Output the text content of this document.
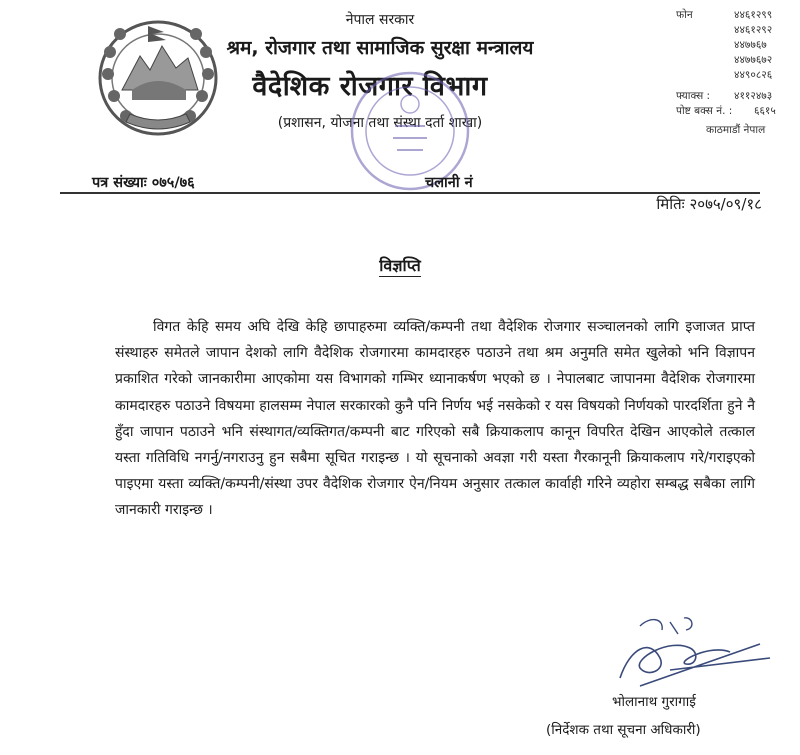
नेपाल सरकार
श्रम, रोजगार तथा सामाजिक सुरक्षा मन्त्रालय
वैदेशिक रोजगार विभाग
(प्रशासन, योजना तथा संस्था दर्ता शाखा)
फोन	४४६१२९९
४४६१२९२
४४७७६७
४४७७६७२
४४९०८२६
फ्याक्स :	४११२४७३
पोष्ट बक्स नं. :	६६१५
काठमाडौं नेपाल
पत्र संख्याः ०७५/७६	चलानी नं
मितिः २०७५/०९/१८
विज्ञप्ति
विगत केहि समय अघि देखि केहि छापाहरुमा व्यक्ति/कम्पनी तथा वैदेशिक रोजगार सञ्चालनको लागि इजाजत प्राप्त संस्थाहरु समेतले जापान देशको लागि वैदेशिक रोजगारमा कामदारहरु पठाउने तथा श्रम अनुमति समेत खुलेको भनि विज्ञापन प्रकाशित गरेको जानकारीमा आएकोमा यस विभागको गम्भिर ध्यानाकर्षण भएको छ । नेपालबाट जापानमा वैदेशिक रोजगारमा कामदारहरु पठाउने विषयमा हालसम्म नेपाल सरकारको कुनै पनि निर्णय भई नसकेको र यस विषयको निर्णयको पारदर्शिता हुने नै हुँदा जापान पठाउने भनि संस्थागत/व्यक्तिगत/कम्पनी बाट गरिएको सबै क्रियाकलाप कानून विपरित देखिन आएकोले तत्काल यस्ता गतिविधि नगर्नु/नगराउनु हुन सबैमा सूचित गराइन्छ । यो सूचनाको अवज्ञा गरी यस्ता गैरकानूनी क्रियाकलाप गरे/गराइएको पाइएमा यस्ता व्यक्ति/कम्पनी/संस्था उपर वैदेशिक रोजगार ऐन/नियम अनुसार तत्काल कार्वाही गरिने व्यहोरा सम्बद्ध सबैका लागि जानकारी गराइन्छ ।
भोलानाथ गुरागाई
(निर्देशक तथा सूचना अधिकारी)
